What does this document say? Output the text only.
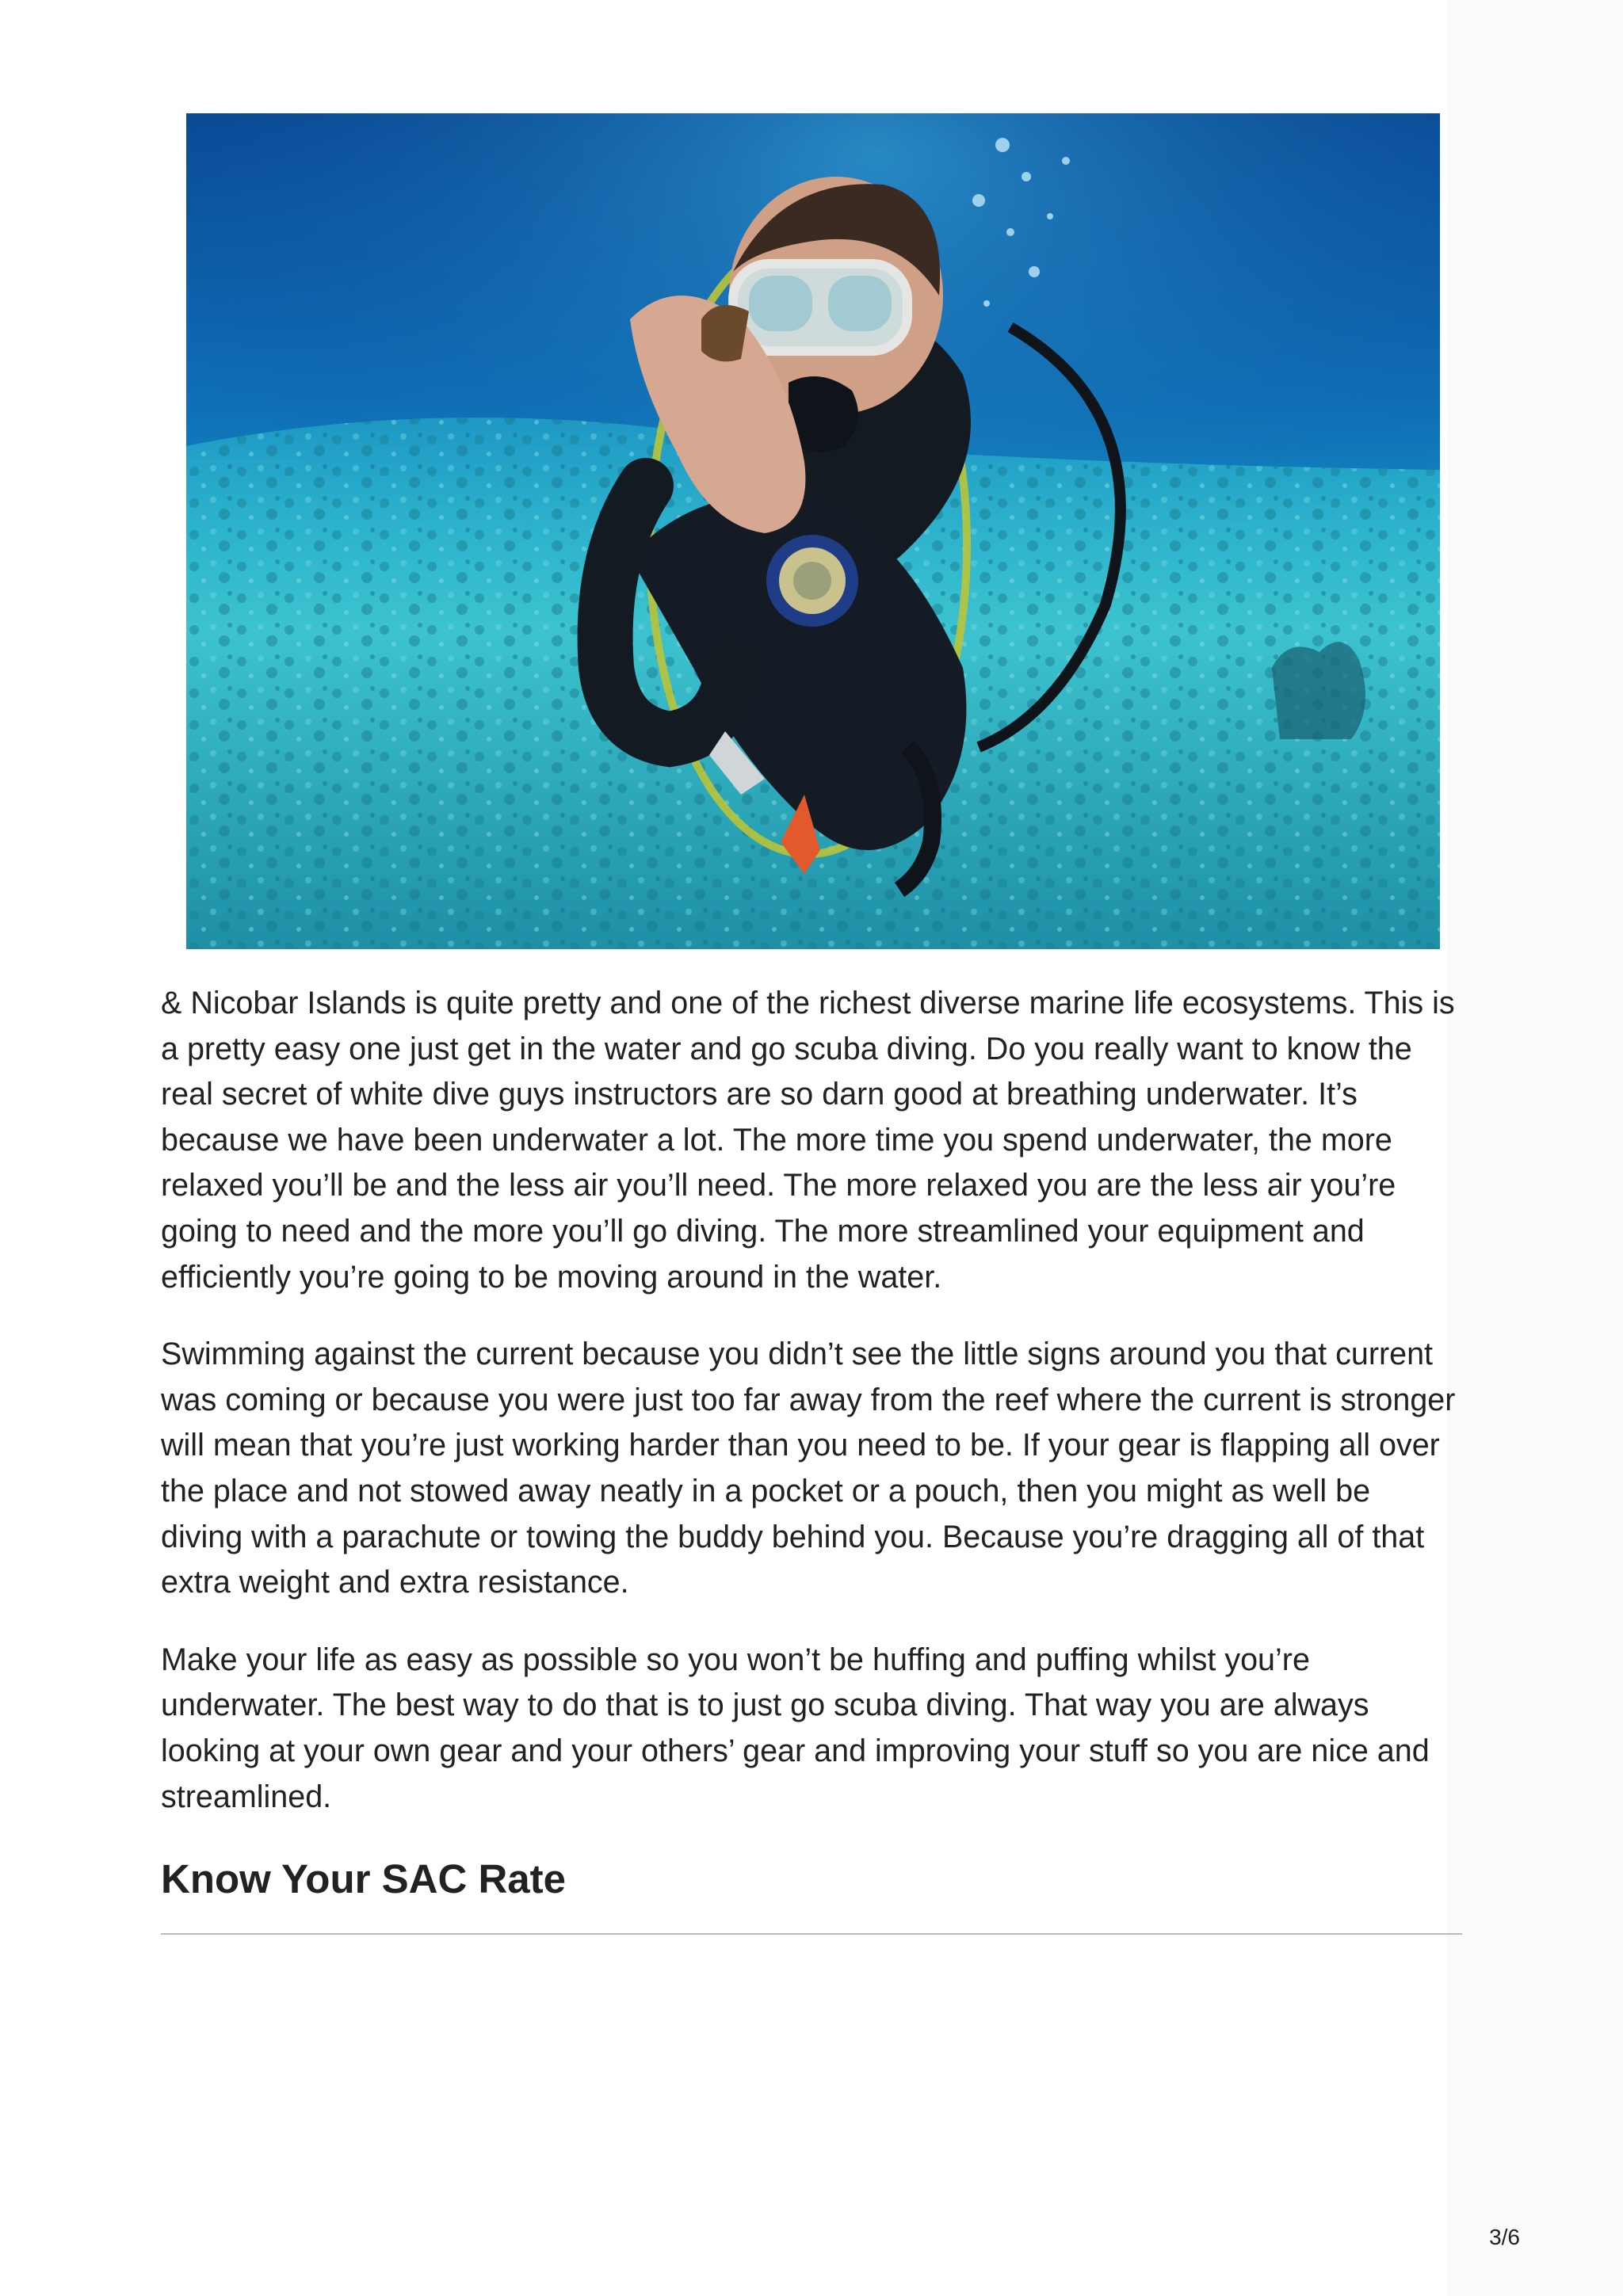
& Nicobar Islands is quite pretty and one of the richest diverse marine life ecosystems. This is a pretty easy one just get in the water and go scuba diving. Do you really want to know the real secret of white dive guys instructors are so darn good at breathing underwater. It’s because we have been underwater a lot. The more time you spend underwater, the more relaxed you’ll be and the less air you’ll need. The more relaxed you are the less air you’re going to need and the more you’ll go diving. The more streamlined your equipment and efficiently you’re going to be moving around in the water.

Swimming against the current because you didn’t see the little signs around you that current was coming or because you were just too far away from the reef where the current is stronger will mean that you’re just working harder than you need to be. If your gear is flapping all over the place and not stowed away neatly in a pocket or a pouch, then you might as well be diving with a parachute or towing the buddy behind you. Because you’re dragging all of that extra weight and extra resistance.

Make your life as easy as possible so you won’t be huffing and puffing whilst you’re underwater. The best way to do that is to just go scuba diving. That way you are always looking at your own gear and your others’ gear and improving your stuff so you are nice and streamlined.

Know Your SAC Rate
3/6
